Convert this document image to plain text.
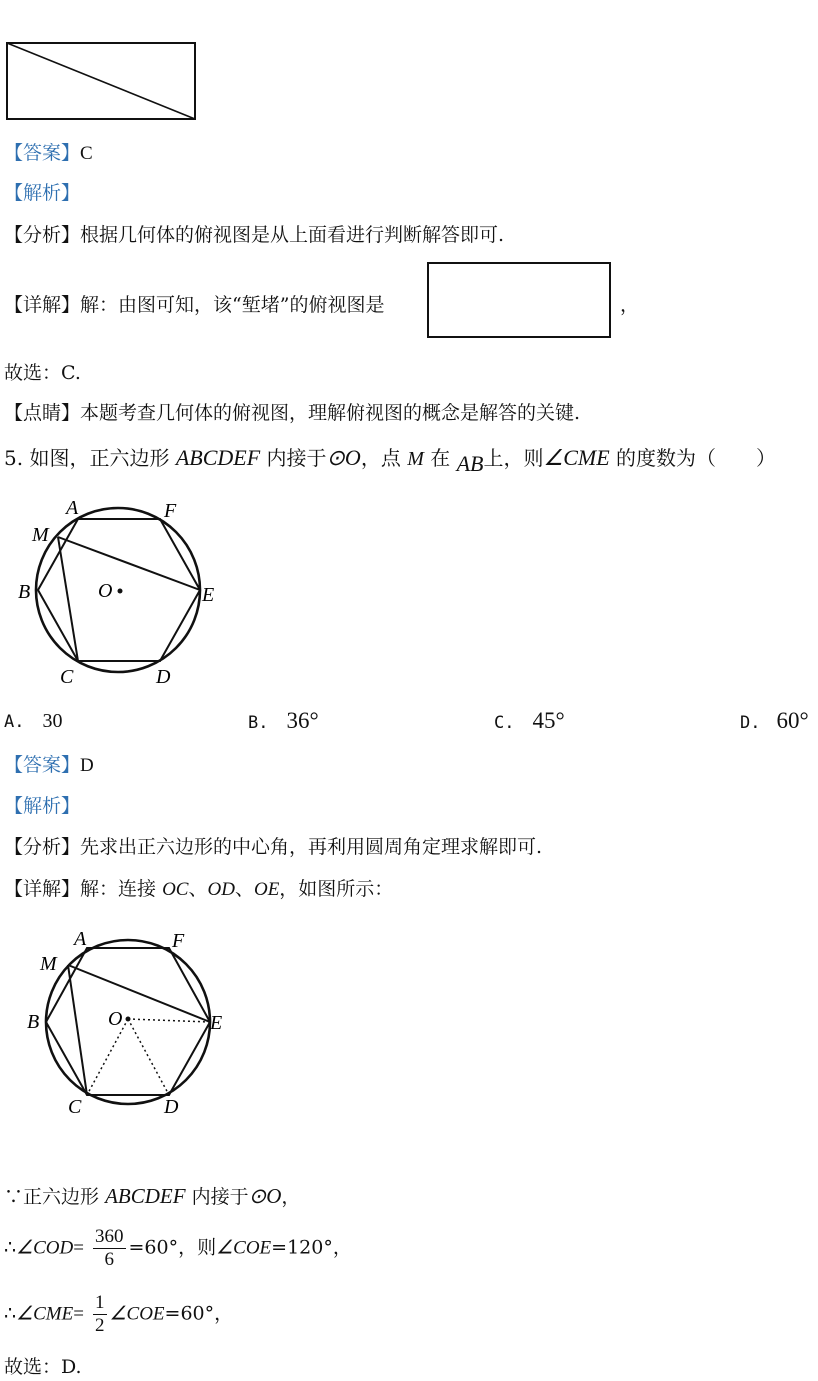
【答案】C
【解析】
【分析】根据几何体的俯视图是从上面看进行判断解答即可.
【详解】解：由图可知，该“堑堵”的俯视图是	，
故选：C.
【点睛】本题考查几何体的俯视图，理解俯视图的概念是解答的关键.
5. 如图，正六边形 ABCDEF 内接于⊙O，点 M 在 AB上，则∠CME 的度数为（　　）
A	F
M
B	O	E
C	D
A. 30	B. 36°	C. 45°	D. 60°
【答案】D
【解析】
【分析】先求出正六边形的中心角，再利用圆周角定理求解即可.
【详解】解：连接 OC、OD、OE，如图所示：
A	F
M
B	O	E
C	D
∵正六边形 ABCDEF 内接于⊙O，
∴∠COD= $\frac{360}{6} =60^\circ$，则∠COE=120°，
∴∠CME= $\frac{1}{2}$ ∠COE=60°，
故选：D.
